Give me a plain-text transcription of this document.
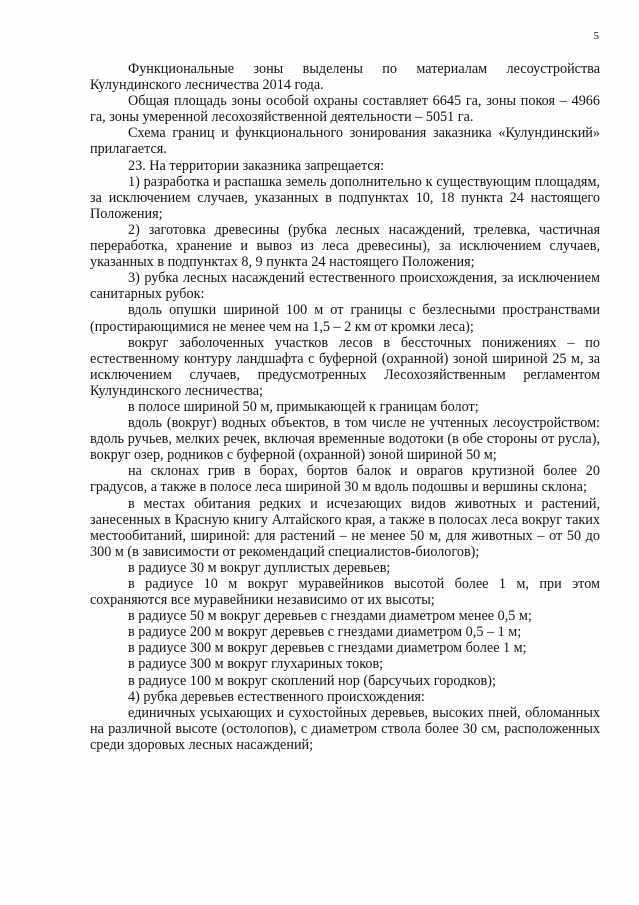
5

Функциональные зоны выделены по материалам лесоустройства Кулундинского лесничества 2014 года.

Общая площадь зоны особой охраны составляет 6645 га, зоны покоя – 4966 га, зоны умеренной лесохозяйственной деятельности – 5051 га.

Схема границ и функционального зонирования заказника «Кулундинский» прилагается.

23. На территории заказника запрещается:

1) разработка и распашка земель дополнительно к существующим площадям, за исключением случаев, указанных в подпунктах 10, 18 пункта 24 настоящего Положения;

2) заготовка древесины (рубка лесных насаждений, трелевка, частичная переработка, хранение и вывоз из леса древесины), за исключением случаев, указанных в подпунктах 8, 9 пункта 24 настоящего Положения;

3) рубка лесных насаждений естественного происхождения, за исключением санитарных рубок:

вдоль опушки шириной 100 м от границы с безлесными пространствами (простирающимися не менее чем на 1,5 – 2 км от кромки леса);

вокруг заболоченных участков лесов в бессточных понижениях – по естественному контуру ландшафта с буферной (охранной) зоной шириной 25 м, за исключением случаев, предусмотренных Лесохозяйственным регламентом Кулундинского лесничества;

в полосе шириной 50 м, примыкающей к границам болот;

вдоль (вокруг) водных объектов, в том числе не учтенных лесоустройством: вдоль ручьев, мелких речек, включая временные водотоки (в обе стороны от русла), вокруг озер, родников с буферной (охранной) зоной шириной 50 м;

на склонах грив в борах, бортов балок и оврагов крутизной более 20 градусов, а также в полосе леса шириной 30 м вдоль подошвы и вершины склона;

в местах обитания редких и исчезающих видов животных и растений, занесенных в Красную книгу Алтайского края, а также в полосах леса вокруг таких местообитаний, шириной: для растений – не менее 50 м, для животных – от 50 до 300 м (в зависимости от рекомендаций специалистов-биологов);

в радиусе 30 м вокруг дуплистых деревьев;

в радиусе 10 м вокруг муравейников высотой более 1 м, при этом сохраняются все муравейники независимо от их высоты;

в радиусе 50 м вокруг деревьев с гнездами диаметром менее 0,5 м;

в радиусе 200 м вокруг деревьев с гнездами диаметром 0,5 – 1 м;

в радиусе 300 м вокруг деревьев с гнездами диаметром более 1 м;

в радиусе 300 м вокруг глухариных токов;

в радиусе 100 м вокруг скоплений нор (барсучьих городков);

4) рубка деревьев естественного происхождения:

единичных усыхающих и сухостойных деревьев, высоких пней, обломанных на различной высоте (остолопов), с диаметром ствола более 30 см, расположенных среди здоровых лесных насаждений;
